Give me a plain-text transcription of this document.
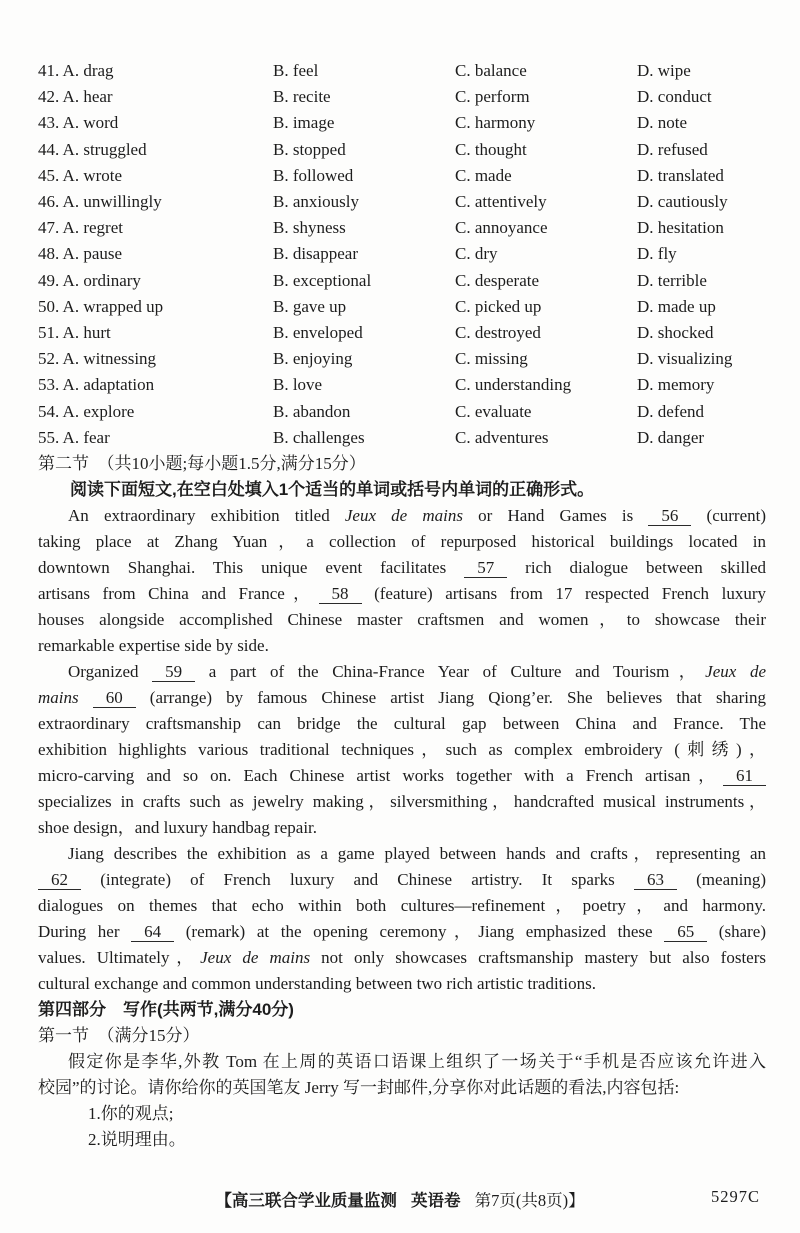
41. A. drag	B. feel	C. balance	D. wipe
42. A. hear	B. recite	C. perform	D. conduct
43. A. word	B. image	C. harmony	D. note
44. A. struggled	B. stopped	C. thought	D. refused
45. A. wrote	B. followed	C. made	D. translated
46. A. unwillingly	B. anxiously	C. attentively	D. cautiously
47. A. regret	B. shyness	C. annoyance	D. hesitation
48. A. pause	B. disappear	C. dry	D. fly
49. A. ordinary	B. exceptional	C. desperate	D. terrible
50. A. wrapped up	B. gave up	C. picked up	D. made up
51. A. hurt	B. enveloped	C. destroyed	D. shocked
52. A. witnessing	B. enjoying	C. missing	D. visualizing
53. A. adaptation	B. love	C. understanding	D. memory
54. A. explore	B. abandon	C. evaluate	D. defend
55. A. fear	B. challenges	C. adventures	D. danger
第二节　（共10小题;每小题1.5分,满分15分）
阅读下面短文,在空白处填入1个适当的单词或括号内单词的正确形式。
An extraordinary exhibition titled Jeux de mains or Hand Games is 56 (current)
taking place at Zhang Yuan，a collection of repurposed historical buildings located in
downtown Shanghai. This unique event facilitates 57 rich dialogue between skilled
artisans from China and France， 58 (feature) artisans from 17 respected French luxury
houses alongside accomplished Chinese master craftsmen and women，to showcase their
remarkable expertise side by side.
Organized 59 a part of the China-France Year of Culture and Tourism，Jeux de
mains 60 (arrange) by famous Chinese artist Jiang Qiong’er. She believes that sharing
extraordinary craftsmanship can bridge the cultural gap between China and France. The
exhibition highlights various traditional techniques，such as complex embroidery (刺绣)，
micro-carving and so on. Each Chinese artist works together with a French artisan， 61
specializes in crafts such as jewelry making，silversmithing，handcrafted musical instruments，
shoe design，and luxury handbag repair.
Jiang describes the exhibition as a game played between hands and crafts，representing an
62 (integrate) of French luxury and Chinese artistry. It sparks 63 (meaning)
dialogues on themes that echo within both cultures—refinement，poetry，and harmony.
During her 64 (remark) at the opening ceremony，Jiang emphasized these 65 (share)
values. Ultimately，Jeux de mains not only showcases craftsmanship mastery but also fosters
cultural exchange and common understanding between two rich artistic traditions.
第四部分　写作(共两节,满分40分)
第一节　（满分15分）
假定你是李华,外教 Tom 在上周的英语口语课上组织了一场关于“手机是否应该允许进入
校园”的讨论。请你给你的英国笔友 Jerry 写一封邮件,分享你对此话题的看法,内容包括:
1.你的观点;
2.说明理由。
【高三联合学业质量监测 英语卷 第7页(共8页)】	5297C
